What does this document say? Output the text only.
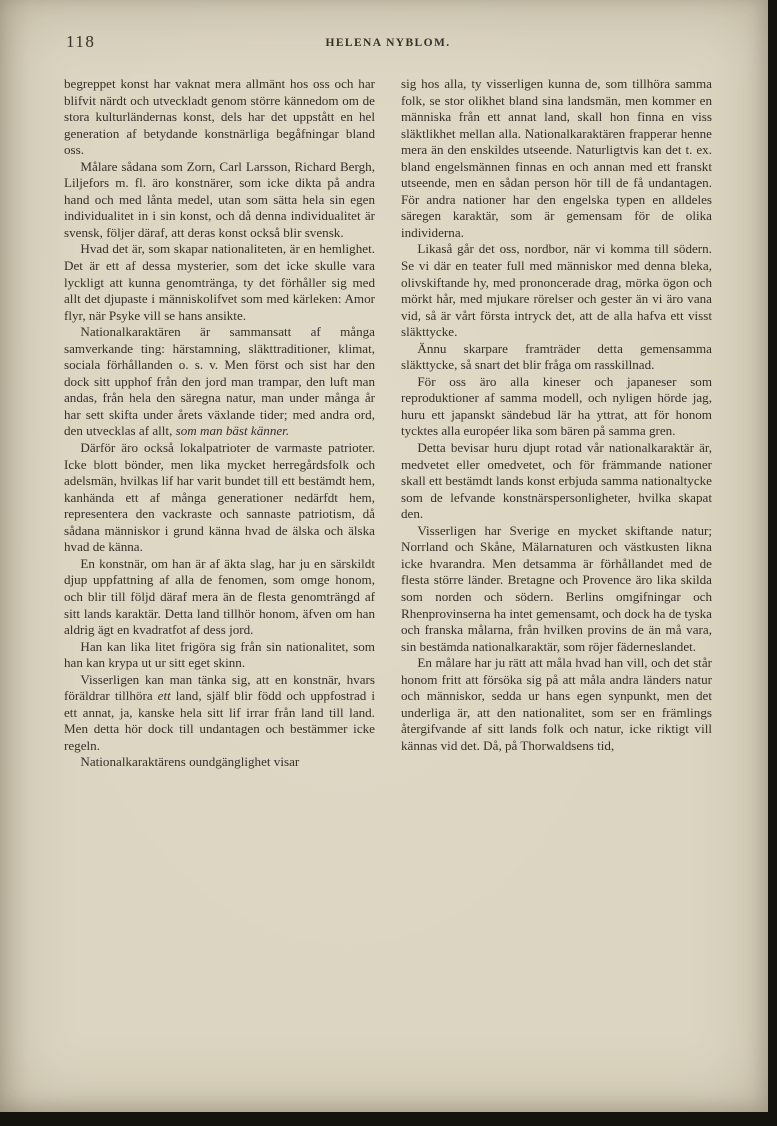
118	HELENA NYBLOM.

begreppet konst har vaknat mera allmänt hos oss och har blifvit närdt och utveckladt genom större kännedom om de stora kulturländernas konst, dels har det uppstått en hel generation af betydande konstnärliga begåfningar bland oss.

Målare sådana som Zorn, Carl Larsson, Richard Bergh, Liljefors m. fl. äro konstnärer, som icke dikta på andra hand och med lånta medel, utan som sätta hela sin egen individualitet in i sin konst, och då denna individualitet är svensk, följer däraf, att deras konst också blir svensk.

Hvad det är, som skapar nationaliteten, är en hemlighet. Det är ett af dessa mysterier, som det icke skulle vara lyckligt att kunna genomtränga, ty det förhåller sig med allt det djupaste i människolifvet som med kärleken: Amor flyr, när Psyke vill se hans ansikte.

Nationalkaraktären är sammansatt af många samverkande ting: härstamning, släkttraditioner, klimat, sociala förhållanden o. s. v. Men först och sist har den dock sitt upphof från den jord man trampar, den luft man andas, från hela den säregna natur, man under många år har sett skifta under årets växlande tider; med andra ord, den utvecklas af allt, som man bäst känner.

Därför äro också lokalpatrioter de varmaste patrioter. Icke blott bönder, men lika mycket herregårdsfolk och adelsmän, hvilkas lif har varit bundet till ett bestämdt hem, kanhända ett af många generationer nedärfdt hem, representera den vackraste och sannaste patriotism, då sådana människor i grund känna hvad de älska och älska hvad de känna.

En konstnär, om han är af äkta slag, har ju en särskildt djup uppfattning af alla de fenomen, som omge honom, och blir till följd däraf mera än de flesta genomträngd af sitt lands karaktär. Detta land tillhör honom, äfven om han aldrig ägt en kvadratfot af dess jord.

Han kan lika litet frigöra sig från sin nationalitet, som han kan krypa ut ur sitt eget skinn.

Visserligen kan man tänka sig, att en konstnär, hvars föräldrar tillhöra ett land, själf blir född och uppfostrad i ett annat, ja, kanske hela sitt lif irrar från land till land. Men detta hör dock till undantagen och bestämmer icke regeln.

Nationalkaraktärens oundgänglighet visar

sig hos alla, ty visserligen kunna de, som tillhöra samma folk, se stor olikhet bland sina landsmän, men kommer en människa från ett annat land, skall hon finna en viss släktlikhet mellan alla. Nationalkaraktären frapperar henne mera än den enskildes utseende. Naturligtvis kan det t. ex. bland engelsmännen finnas en och annan med ett franskt utseende, men en sådan person hör till de få undantagen. För andra nationer har den engelska typen en alldeles säregen karaktär, som är gemensam för de olika individerna.

Likaså går det oss, nordbor, när vi komma till södern. Se vi där en teater full med människor med denna bleka, olivskiftande hy, med prononcerade drag, mörka ögon och mörkt hår, med mjukare rörelser och gester än vi äro vana vid, så är vårt första intryck det, att de alla hafva ett visst släkttycke.

Ännu skarpare framträder detta gemensamma släkttycke, så snart det blir fråga om rasskillnad.

För oss äro alla kineser och japaneser som reproduktioner af samma modell, och nyligen hörde jag, huru ett japanskt sändebud lär ha yttrat, att för honom tycktes alla européer lika som bären på samma gren.

Detta bevisar huru djupt rotad vår nationalkaraktär är, medvetet eller omedvetet, och för främmande nationer skall ett bestämdt lands konst erbjuda samma nationaltycke som de lefvande konstnärspersonligheter, hvilka skapat den.

Visserligen har Sverige en mycket skiftande natur; Norrland och Skåne, Mälarnaturen och västkusten likna icke hvarandra. Men detsamma är förhållandet med de flesta större länder. Bretagne och Provence äro lika skilda som norden och södern. Berlins omgifningar och Rhenprovinserna ha intet gemensamt, och dock ha de tyska och franska målarna, från hvilken provins de än må vara, sin bestämda nationalkaraktär, som röjer fäderneslandet.

En målare har ju rätt att måla hvad han vill, och det står honom fritt att försöka sig på att måla andra länders natur och människor, sedda ur hans egen synpunkt, men det underliga är, att den nationalitet, som ser en främlings återgifvande af sitt lands folk och natur, icke riktigt vill kännas vid det. Då, på Thorwaldsens tid,
